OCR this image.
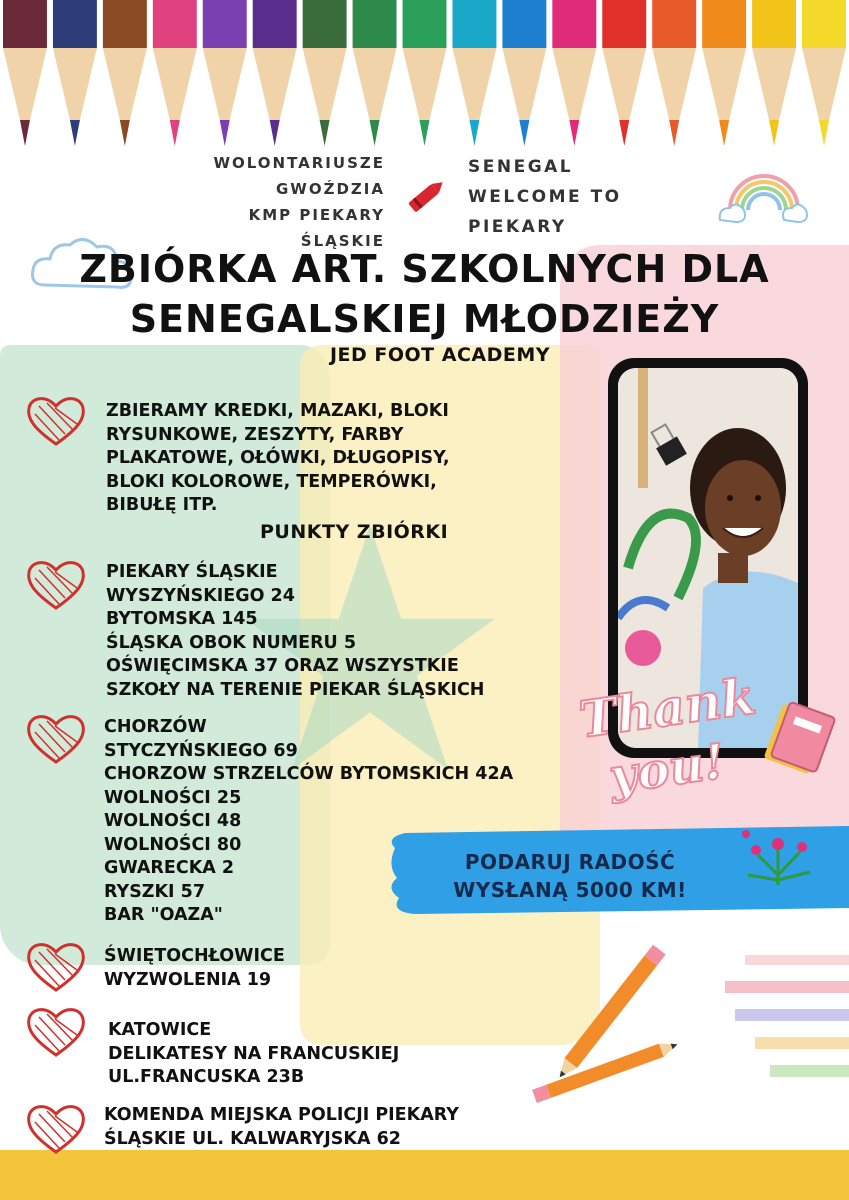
WOLONTARIUSZE
GWOŹDZIA
KMP PIEKARY ŚLĄSKIE
SENEGAL
WELCOME TO
PIEKARY
ZBIÓRKA ART. SZKOLNYCH DLA
SENEGALSKIEJ MŁODZIEŻY
JED FOOT ACADEMY
ZBIERAMY KREDKI, MAZAKI, BLOKI
RYSUNKOWE, ZESZYTY, FARBY
PLAKATOWE, OŁÓWKI, DŁUGOPISY,
BLOKI KOLOROWE, TEMPERÓWKI,
BIBUŁĘ ITP.
PUNKTY ZBIÓRKI
PIEKARY ŚLĄSKIE
WYSZYŃSKIEGO 24
BYTOMSKA 145
ŚLĄSKA OBOK NUMERU 5
OŚWIĘCIMSKA 37 ORAZ WSZYSTKIE
SZKOŁY NA TERENIE PIEKAR ŚLĄSKICH
CHORZÓW
STYCZYŃSKIEGO 69
CHORZOW STRZELCÓW BYTOMSKICH 42A
WOLNOŚCI 25
WOLNOŚCI 48
WOLNOŚCI 80
GWARECKA 2
RYSZKI 57
BAR "OAZA"
ŚWIĘTOCHŁOWICE
WYZWOLENIA 19
KATOWICE
DELIKATESY NA FRANCUSKIEJ
UL.FRANCUSKA 23B
KOMENDA MIEJSKA POLICJI PIEKARY
ŚLĄSKIE UL. KALWARYJSKA 62
Thank
you!
PODARUJ RADOŚĆ
WYSŁANĄ 5000 KM!
